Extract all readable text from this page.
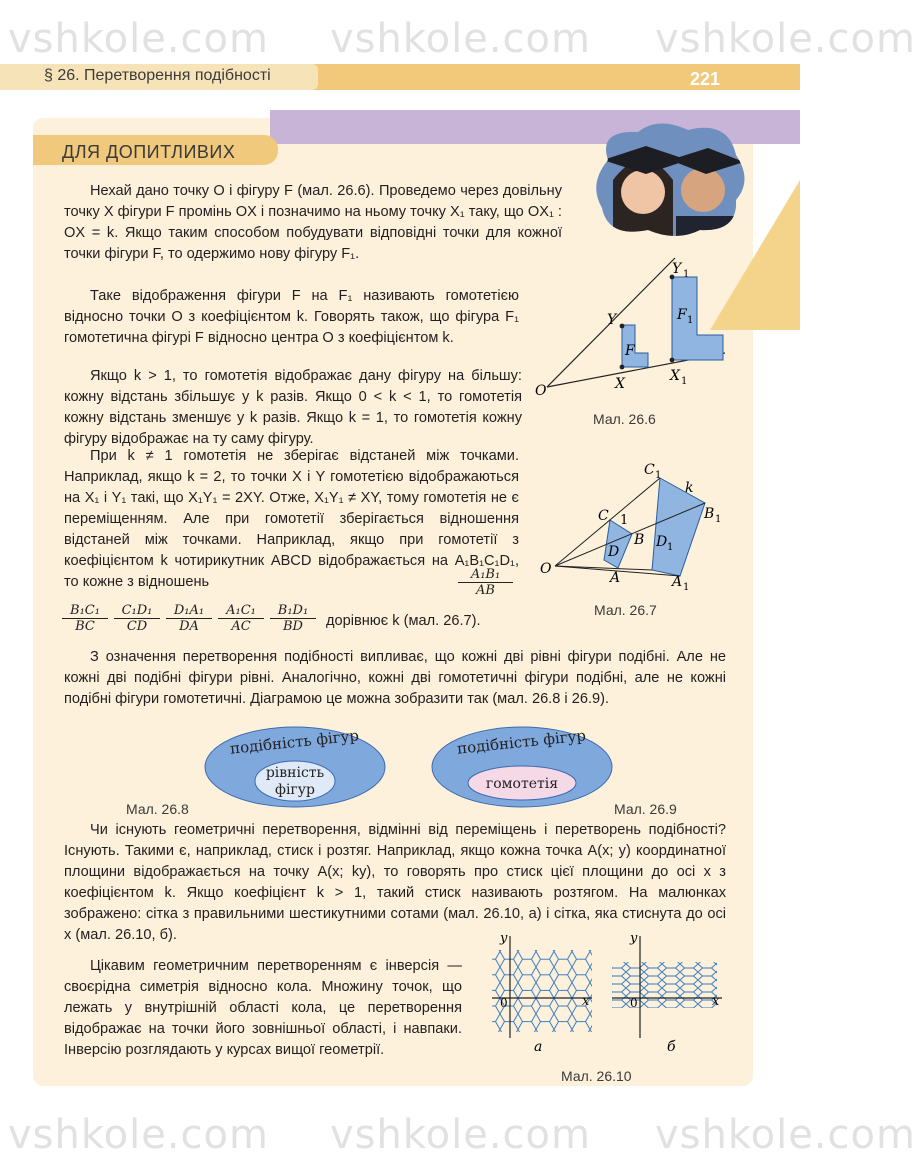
vshkole.com vshkole.com vshkole.com
§ 26. Перетворення подібності	221
ДЛЯ ДОПИТЛИВИХ
Нехай дано точку O і фігуру F (мал. 26.6). Проведемо через довільну точку X фігури F промінь OX і позначимо на ньому точку X₁ таку, що OX₁ : OX = k. Якщо таким способом побудувати відповідні точки для кожної точки фігури F, то одержимо нову фігуру F₁.
Таке відображення фігури F на F₁ називають гомотетією відносно точки O з коефіцієнтом k. Говорять також, що фігура F₁ гомотетична фігурі F відносно центра O з коефіцієнтом k.
Якщо k > 1, то гомотетія відображає дану фігуру на більшу: кожну відстань збільшує у k разів. Якщо 0 < k < 1, то гомотетія кожну відстань зменшує у k разів. Якщо k = 1, то гомотетія кожну фігуру відображає на ту саму фігуру.
O	X
Y
X 1
Y 1
F
F 1
Мал. 26.6
При k ≠ 1 гомотетія не зберігає відстаней між точками. Наприклад, якщо k = 2, то точки X і Y гомотетією відображаються на X₁ і Y₁ такі, що X₁Y₁ = 2XY. Отже, X₁Y₁ ≠ XY, тому гомотетія не є переміщенням. Але при гомотетії зберігається відношення відстаней між точками. Наприклад, якщо при гомотетії з коефіцієнтом k чотирикутник ABCD відображається на A₁B₁C₁D₁, то кожне з відношень	A₁B₁
AB
B₁C₁
BC
C₁D₁
CD
D₁A₁
DA
A₁C₁
AC
B₁D₁
BD	дорівнює k (мал. 26.7).
O
C
B
D
A
1
C 1
k
B 1
D 1
A 1
Мал. 26.7
З означення перетворення подібності випливає, що кожні дві рівні фігури подібні. Але не кожні дві подібні фігури рівні. Аналогічно, кожні дві гомотетичні фігури подібні, але не кожні подібні фігури гомотетичні. Діаграмою це можна зобразити так (мал. 26.8 і 26.9).
подібність фігур
рівність
фігур
Мал. 26.8
подібність фігур
гомотетія
Мал. 26.9
Чи існують геометричні перетворення, відмінні від переміщень і перетворень подібності? Існують. Такими є, наприклад, стиск і розтяг. Наприклад, якщо кожна точка A(x; y) координатної площини відображається на точку A(x; ky), то говорять про стиск цієї площини до осі x з коефіцієнтом k. Якщо коефіцієнт k > 1, такий стиск називають розтягом. На малюнках зображено: сітка з правильними шестикутними сотами (мал. 26.10, а) і сітка, яка стиснута до осі x (мал. 26.10, б).
Цікавим геометричним перетворенням є інверсія — своєрідна симетрія відносно кола. Множину точок, що лежать у внутрішній області кола, це перетворення відображає на точки його зовнішньої області, і навпаки. Інверсію розглядають у курсах вищої геометрії.
y
x
0
а
y
x
0
б
Мал. 26.10
vshkole.com vshkole.com vshkole.com
